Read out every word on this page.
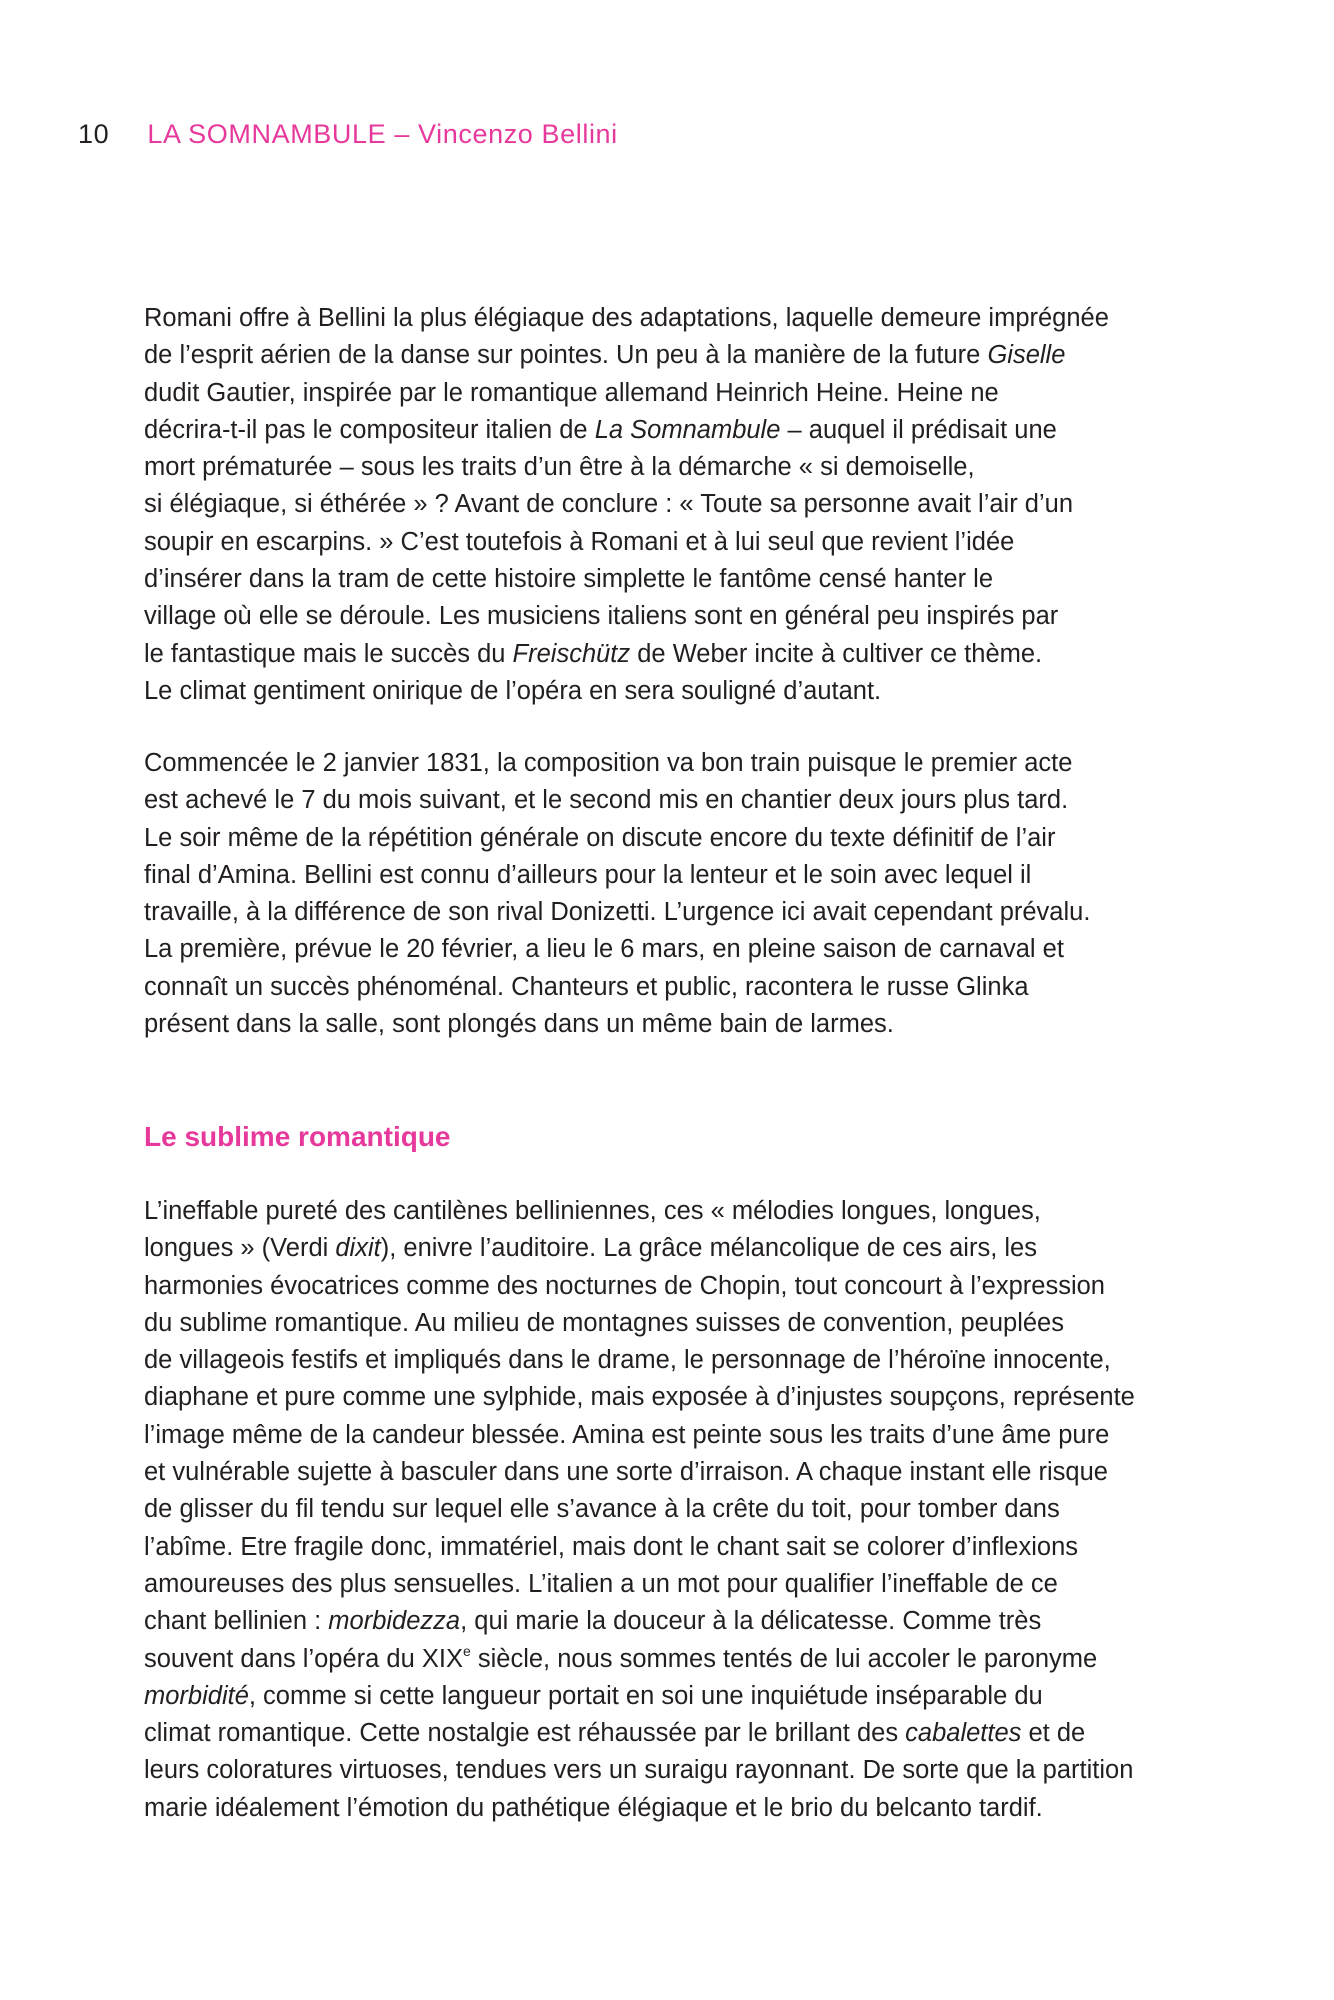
10 LA SOMNAMBULE – Vincenzo Bellini
Romani offre à Bellini la plus élégiaque des adaptations, laquelle demeure imprégnée
de l’esprit aérien de la danse sur pointes. Un peu à la manière de la future Giselle
dudit Gautier, inspirée par le romantique allemand Heinrich Heine. Heine ne
décrira-t-il pas le compositeur italien de La Somnambule – auquel il prédisait une
mort prématurée – sous les traits d’un être à la démarche « si demoiselle,
si élégiaque, si éthérée » ? Avant de conclure : « Toute sa personne avait l’air d’un
soupir en escarpins. » C’est toutefois à Romani et à lui seul que revient l’idée
d’insérer dans la tram de cette histoire simplette le fantôme censé hanter le
village où elle se déroule. Les musiciens italiens sont en général peu inspirés par
le fantastique mais le succès du Freischütz de Weber incite à cultiver ce thème.
Le climat gentiment onirique de l’opéra en sera souligné d’autant.
Commencée le 2 janvier 1831, la composition va bon train puisque le premier acte
est achevé le 7 du mois suivant, et le second mis en chantier deux jours plus tard.
Le soir même de la répétition générale on discute encore du texte définitif de l’air
final d’Amina. Bellini est connu d’ailleurs pour la lenteur et le soin avec lequel il
travaille, à la différence de son rival Donizetti. L’urgence ici avait cependant prévalu.
La première, prévue le 20 février, a lieu le 6 mars, en pleine saison de carnaval et
connaît un succès phénoménal. Chanteurs et public, racontera le russe Glinka
présent dans la salle, sont plongés dans un même bain de larmes.
Le sublime romantique
L’ineffable pureté des cantilènes belliniennes, ces « mélodies longues, longues,
longues » (Verdi dixit), enivre l’auditoire. La grâce mélancolique de ces airs, les
harmonies évocatrices comme des nocturnes de Chopin, tout concourt à l’expression
du sublime romantique. Au milieu de montagnes suisses de convention, peuplées
de villageois festifs et impliqués dans le drame, le personnage de l’héroïne innocente,
diaphane et pure comme une sylphide, mais exposée à d’injustes soupçons, représente
l’image même de la candeur blessée. Amina est peinte sous les traits d’une âme pure
et vulnérable sujette à basculer dans une sorte d’irraison. A chaque instant elle risque
de glisser du fil tendu sur lequel elle s’avance à la crête du toit, pour tomber dans
l’abîme. Etre fragile donc, immatériel, mais dont le chant sait se colorer d’inflexions
amoureuses des plus sensuelles. L’italien a un mot pour qualifier l’ineffable de ce
chant bellinien : morbidezza, qui marie la douceur à la délicatesse. Comme très
souvent dans l’opéra du XIXe siècle, nous sommes tentés de lui accoler le paronyme
morbidité, comme si cette langueur portait en soi une inquiétude inséparable du
climat romantique. Cette nostalgie est réhaussée par le brillant des cabalettes et de
leurs coloratures virtuoses, tendues vers un suraigu rayonnant. De sorte que la partition
marie idéalement l’émotion du pathétique élégiaque et le brio du belcanto tardif.
